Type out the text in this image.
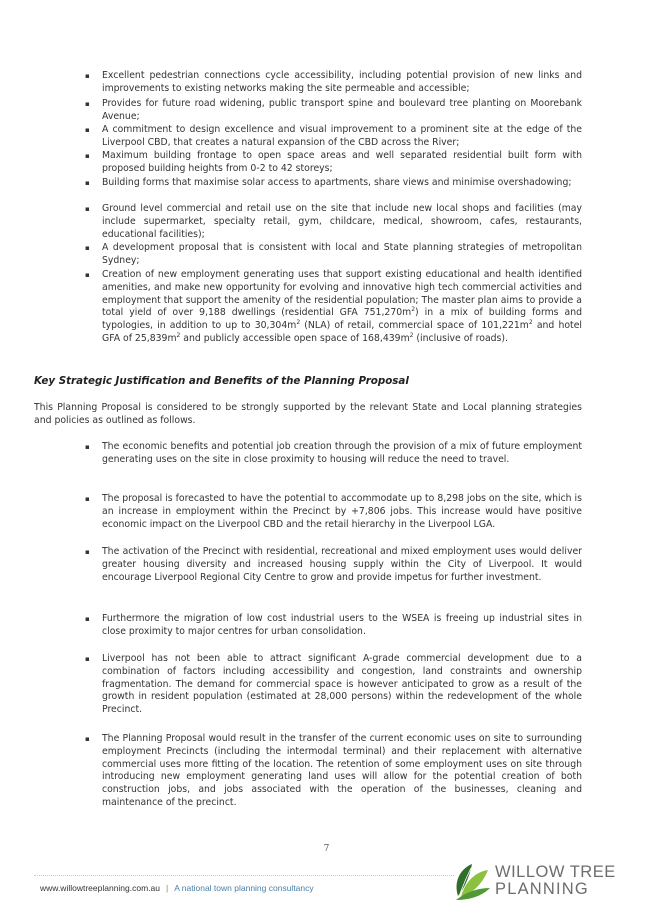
▪ Excellent pedestrian connections cycle accessibility, including potential provision of new links and improvements to existing networks making the site permeable and accessible;
▪ Provides for future road widening, public transport spine and boulevard tree planting on Moorebank Avenue;
▪ A commitment to design excellence and visual improvement to a prominent site at the edge of the Liverpool CBD, that creates a natural expansion of the CBD across the River;
▪ Maximum building frontage to open space areas and well separated residential built form with proposed building heights from 0-2 to 42 storeys;
▪ Building forms that maximise solar access to apartments, share views and minimise overshadowing;
▪ Ground level commercial and retail use on the site that include new local shops and facilities (may include supermarket, specialty retail, gym, childcare, medical, showroom, cafes, restaurants, educational facilities);
▪ A development proposal that is consistent with local and State planning strategies of metropolitan Sydney;
▪ Creation of new employment generating uses that support existing educational and health identified amenities, and make new opportunity for evolving and innovative high tech commercial activities and employment that support the amenity of the residential population; The master plan aims to provide a total yield of over 9,188 dwellings (residential GFA $751,270m^2$) in a mix of building forms and typologies, in addition to up to $30,304m^2$ (NLA) of retail, commercial space of $101,221m^2$ and hotel GFA of $25,839m^2$ and publicly accessible open space of $168,439m^2$ (inclusive of roads).
Key Strategic Justification and Benefits of the Planning Proposal
This Planning Proposal is considered to be strongly supported by the relevant State and Local planning strategies and policies as outlined as follows.
▪ The economic benefits and potential job creation through the provision of a mix of future employment generating uses on the site in close proximity to housing will reduce the need to travel.
▪ The proposal is forecasted to have the potential to accommodate up to 8,298 jobs on the site, which is an increase in employment within the Precinct by +7,806 jobs. This increase would have positive economic impact on the Liverpool CBD and the retail hierarchy in the Liverpool LGA.
▪ The activation of the Precinct with residential, recreational and mixed employment uses would deliver greater housing diversity and increased housing supply within the City of Liverpool. It would encourage Liverpool Regional City Centre to grow and provide impetus for further investment.
▪ Furthermore the migration of low cost industrial users to the WSEA is freeing up industrial sites in close proximity to major centres for urban consolidation.
▪ Liverpool has not been able to attract significant A-grade commercial development due to a combination of factors including accessibility and congestion, land constraints and ownership fragmentation. The demand for commercial space is however anticipated to grow as a result of the growth in resident population (estimated at 28,000 persons) within the redevelopment of the whole Precinct.
▪ The Planning Proposal would result in the transfer of the current economic uses on site to surrounding employment Precincts (including the intermodal terminal) and their replacement with alternative commercial uses more fitting of the location. The retention of some employment uses on site through introducing new employment generating land uses will allow for the potential creation of both construction jobs, and jobs associated with the operation of the businesses, cleaning and maintenance of the precinct.
7
www.willowtreeplanning.com.au | A national town planning consultancy
WILLOW TREE
PLANNING
